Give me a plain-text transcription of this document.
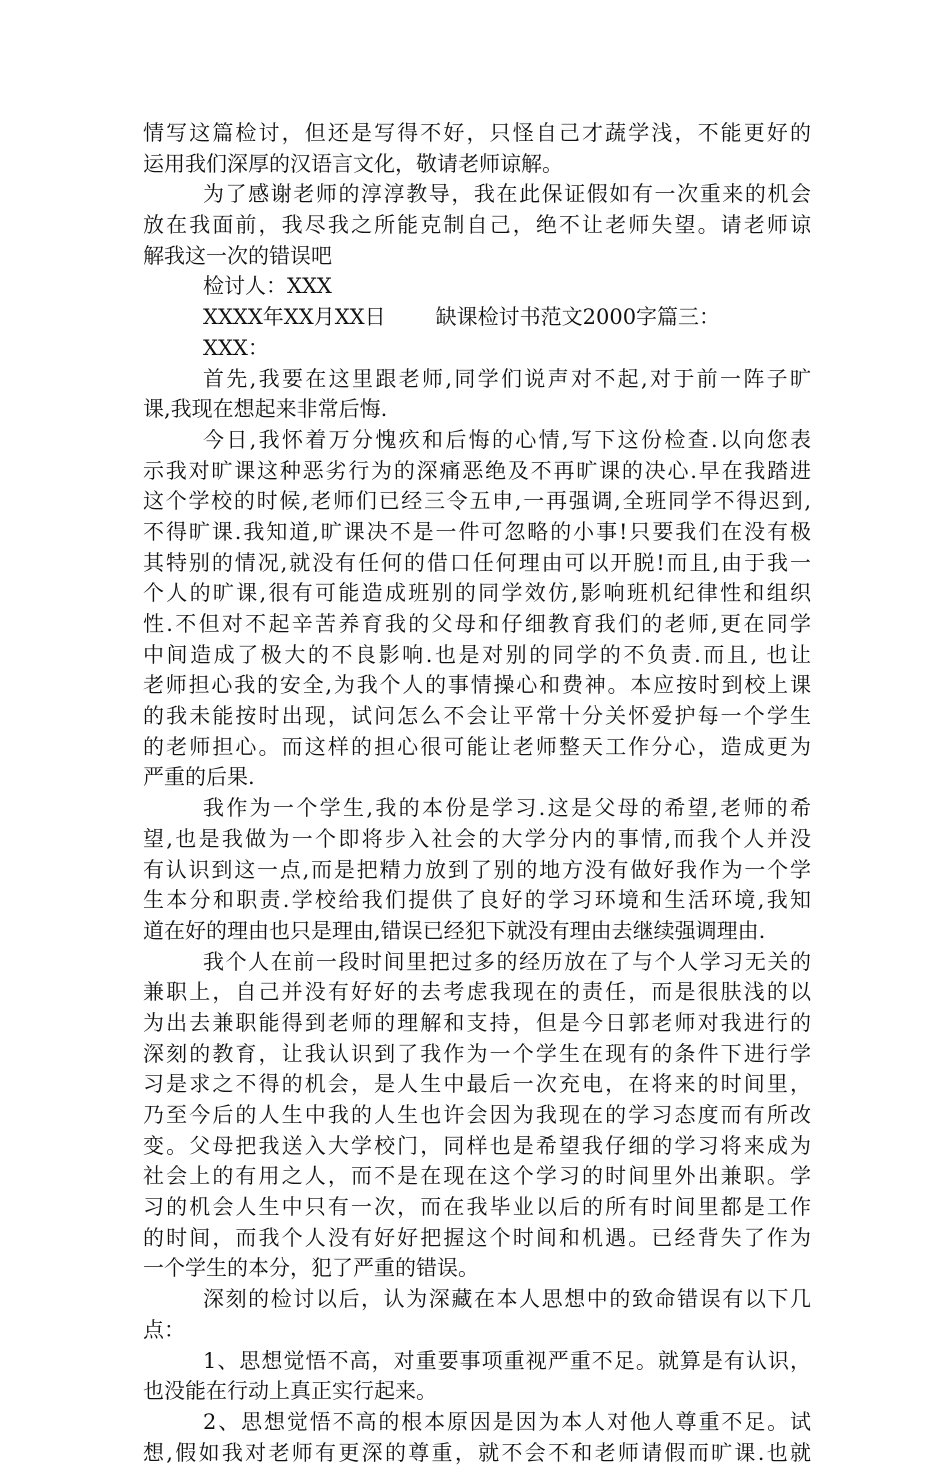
情写这篇检讨，但还是写得不好，只怪自己才蔬学浅，不能更好的
运用我们深厚的汉语言文化，敬请老师谅解。
为了感谢老师的淳淳教导，我在此保证假如有一次重来的机会
放在我面前，我尽我之所能克制自己，绝不让老师失望。请老师谅
解我这一次的错误吧
检讨人：XXX
XXXX年XX月XX日 缺课检讨书范文2000字篇三：
XXX：
首先,我要在这里跟老师,同学们说声对不起,对于前一阵子旷
课,我现在想起来非常后悔.
今日,我怀着万分愧疚和后悔的心情,写下这份检查.以向您表
示我对旷课这种恶劣行为的深痛恶绝及不再旷课的决心.早在我踏进
这个学校的时候,老师们已经三令五申,一再强调,全班同学不得迟到,
不得旷课.我知道,旷课决不是一件可忽略的小事!只要我们在没有极
其特别的情况,就没有任何的借口任何理由可以开脱!而且,由于我一
个人的旷课,很有可能造成班别的同学效仿,影响班机纪律性和组织
性.不但对不起辛苦养育我的父母和仔细教育我们的老师,更在同学
中间造成了极大的不良影响.也是对别的同学的不负责.而且, 也让
老师担心我的安全,为我个人的事情操心和费神。本应按时到校上课
的我未能按时出现，试问怎么不会让平常十分关怀爱护每一个学生
的老师担心。而这样的担心很可能让老师整天工作分心，造成更为
严重的后果.
我作为一个学生,我的本份是学习.这是父母的希望,老师的希
望,也是我做为一个即将步入社会的大学分内的事情,而我个人并没
有认识到这一点,而是把精力放到了别的地方没有做好我作为一个学
生本分和职责.学校给我们提供了良好的学习环境和生活环境,我知
道在好的理由也只是理由,错误已经犯下就没有理由去继续强调理由.
我个人在前一段时间里把过多的经历放在了与个人学习无关的
兼职上，自己并没有好好的去考虑我现在的责任，而是很肤浅的以
为出去兼职能得到老师的理解和支持，但是今日郭老师对我进行的
深刻的教育，让我认识到了我作为一个学生在现有的条件下进行学
习是求之不得的机会，是人生中最后一次充电，在将来的时间里，
乃至今后的人生中我的人生也许会因为我现在的学习态度而有所改
变。父母把我送入大学校门，同样也是希望我仔细的学习将来成为
社会上的有用之人，而不是在现在这个学习的时间里外出兼职。学
习的机会人生中只有一次，而在我毕业以后的所有时间里都是工作
的时间，而我个人没有好好把握这个时间和机遇。已经背失了作为
一个学生的本分，犯了严重的错误。
深刻的检讨以后，认为深藏在本人思想中的致命错误有以下几
点：
1、思想觉悟不高，对重要事项重视严重不足。就算是有认识，
也没能在行动上真正实行起来。
2、思想觉悟不高的根本原因是因为本人对他人尊重不足。试
想,假如我对老师有更深的尊重，就不会不和老师请假而旷课.也就
